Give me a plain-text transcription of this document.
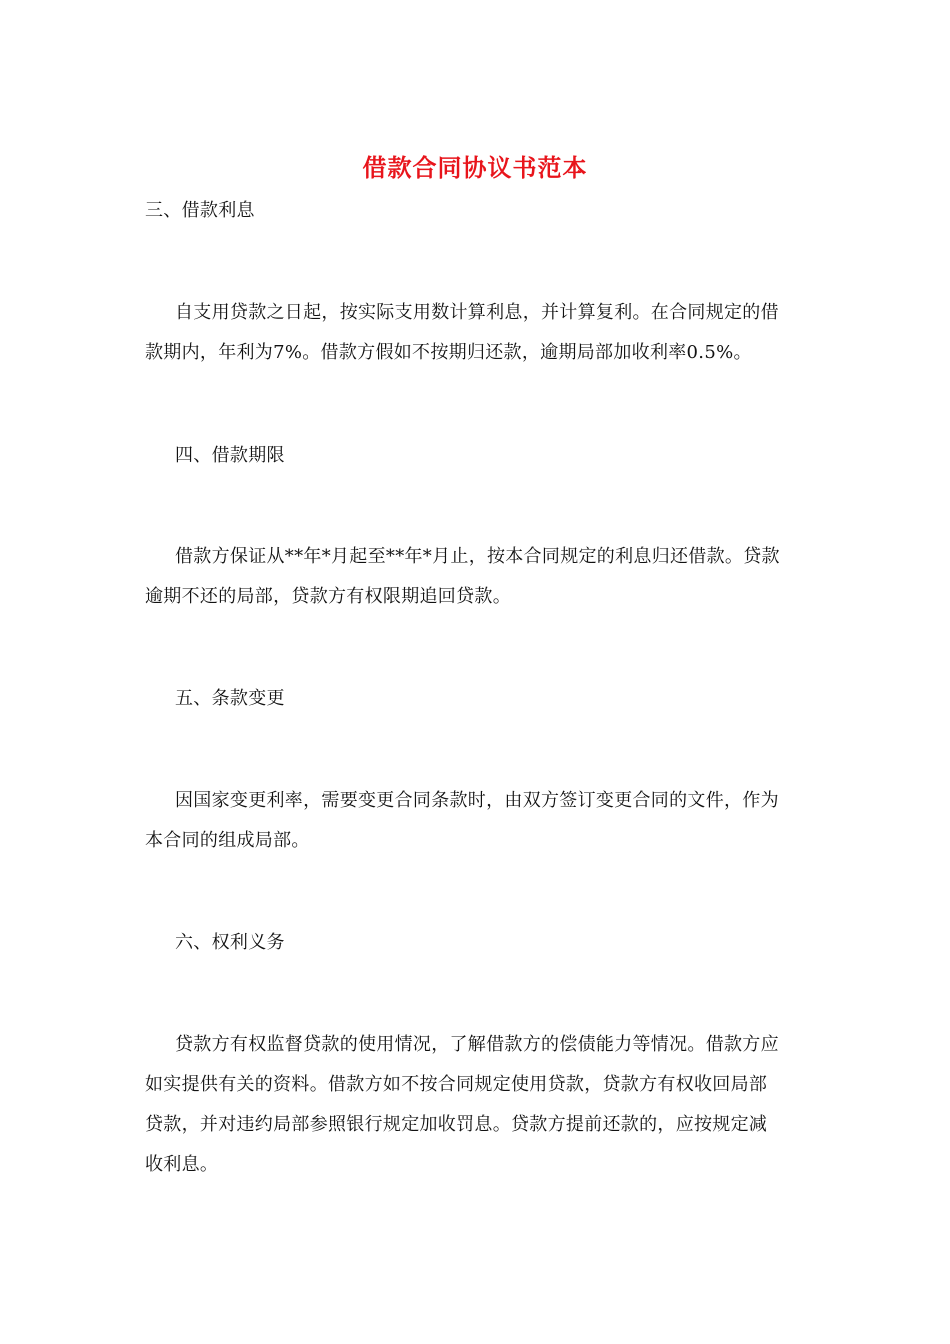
借款合同协议书范本

三、借款利息

自支用贷款之日起，按实际支用数计算利息，并计算复利。在合同规定的借
款期内，年利为7%。借款方假如不按期归还款，逾期局部加收利率0.5%。

四、借款期限

借款方保证从**年*月起至**年*月止，按本合同规定的利息归还借款。贷款
逾期不还的局部，贷款方有权限期追回贷款。

五、条款变更

因国家变更利率，需要变更合同条款时，由双方签订变更合同的文件，作为
本合同的组成局部。

六、权利义务

贷款方有权监督贷款的使用情况，了解借款方的偿债能力等情况。借款方应
如实提供有关的资料。借款方如不按合同规定使用贷款，贷款方有权收回局部
贷款，并对违约局部参照银行规定加收罚息。贷款方提前还款的，应按规定减
收利息。
